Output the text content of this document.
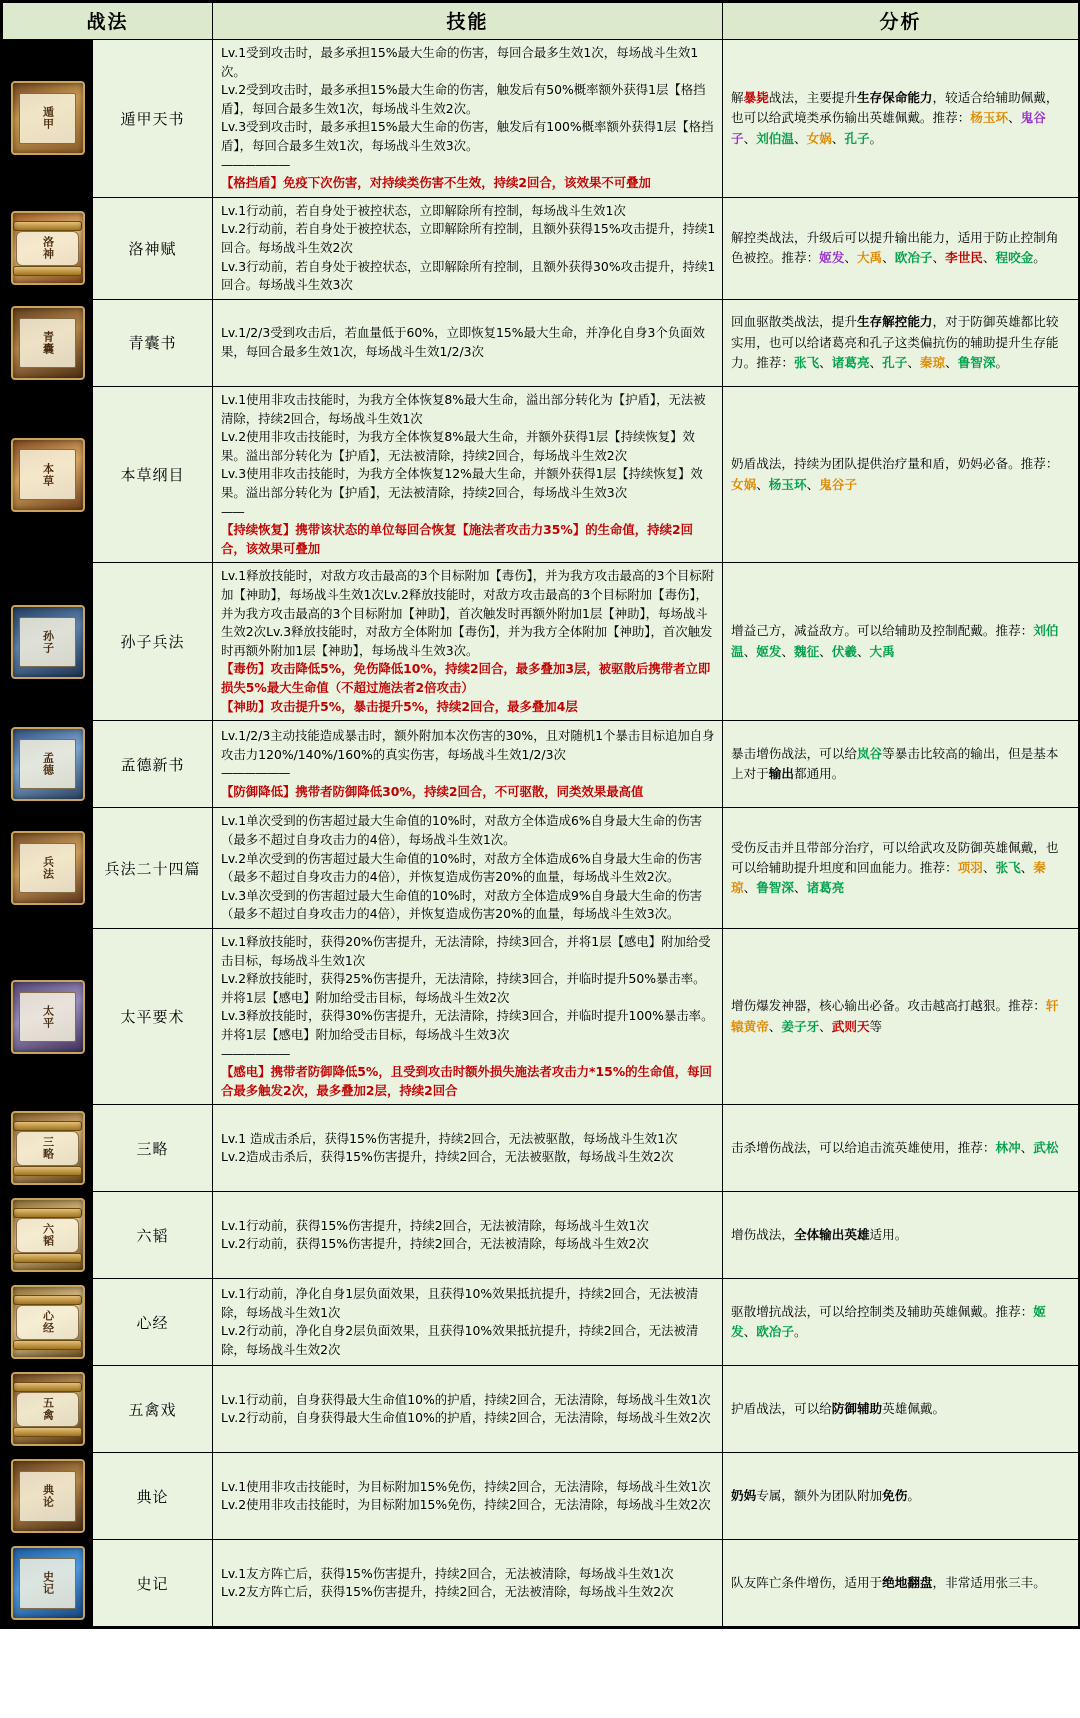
战法		技能	分析

遁甲	遁甲天书	Lv.1受到攻击时，最多承担15%最大生命的伤害，每回合最多生效1次，每场战斗生效1次。
Lv.2受到攻击时，最多承担15%最大生命的伤害，触发后有50%概率额外获得1层【格挡盾】，每回合最多生效1次，每场战斗生效2次。
Lv.3受到攻击时，最多承担15%最大生命的伤害，触发后有100%概率额外获得1层【格挡盾】，每回合最多生效1次，每场战斗生效3次。
——————
【格挡盾】免疫下次伤害，对持续类伤害不生效，持续2回合，该效果不可叠加	解暴毙战法，主要提升生存保命能力，较适合给辅助佩戴，也可以给武境类承伤输出英雄佩戴。推荐：杨玉环、鬼谷子、刘伯温、女娲、孔子。

洛神	洛神赋	Lv.1行动前，若自身处于被控状态，立即解除所有控制，每场战斗生效1次
Lv.2行动前，若自身处于被控状态，立即解除所有控制，且额外获得15%攻击提升，持续1回合。每场战斗生效2次
Lv.3行动前，若自身处于被控状态，立即解除所有控制，且额外获得30%攻击提升，持续1回合。每场战斗生效3次	解控类战法，升级后可以提升输出能力，适用于防止控制角色被控。推荐：姬发、大禹、欧冶子、李世民、程咬金。

青囊	青囊书	Lv.1/2/3受到攻击后，若血量低于60%，立即恢复15%最大生命，并净化自身3个负面效果，每回合最多生效1次，每场战斗生效1/2/3次	回血驱散类战法，提升生存解控能力，对于防御英雄都比较实用，也可以给诸葛亮和孔子这类偏抗伤的辅助提升生存能力。推荐：张飞、诸葛亮、孔子、秦琼、鲁智深。

本草	本草纲目	Lv.1使用非攻击技能时，为我方全体恢复8%最大生命，溢出部分转化为【护盾】，无法被清除，持续2回合，每场战斗生效1次
Lv.2使用非攻击技能时，为我方全体恢复8%最大生命，并额外获得1层【持续恢复】效果。溢出部分转化为【护盾】，无法被清除，持续2回合，每场战斗生效2次
Lv.3使用非攻击技能时，为我方全体恢复12%最大生命，并额外获得1层【持续恢复】效果。溢出部分转化为【护盾】，无法被清除，持续2回合，每场战斗生效3次
——
【持续恢复】携带该状态的单位每回合恢复【施法者攻击力35%】的生命值，持续2回合，该效果可叠加	奶盾战法，持续为团队提供治疗量和盾，奶妈必备。推荐：女娲、杨玉环、鬼谷子

孙子	孙子兵法	Lv.1释放技能时，对敌方攻击最高的3个目标附加【毒伤】，并为我方攻击最高的3个目标附加【神助】，每场战斗生效1次Lv.2释放技能时，对敌方攻击最高的3个目标附加【毒伤】，并为我方攻击最高的3个目标附加【神助】，首次触发时再额外附加1层【神助】，每场战斗生效2次Lv.3释放技能时，对敌方全体附加【毒伤】，并为我方全体附加【神助】，首次触发时再额外附加1层【神助】，每场战斗生效3次。
【毒伤】攻击降低5%，免伤降低10%，持续2回合，最多叠加3层，被驱散后携带者立即损失5%最大生命值（不超过施法者2倍攻击）
【神助】攻击提升5%，暴击提升5%，持续2回合，最多叠加4层	增益己方，减益敌方。可以给辅助及控制配戴。推荐：刘伯温、姬发、魏征、伏羲、大禹

孟德	孟德新书	Lv.1/2/3主动技能造成暴击时，额外附加本次伤害的30%，且对随机1个暴击目标追加自身攻击力120%/140%/160%的真实伤害，每场战斗生效1/2/3次
——————
【防御降低】携带者防御降低30%，持续2回合，不可驱散，同类效果最高值	暴击增伤战法，可以给岚谷等暴击比较高的输出，但是基本上对于输出都通用。

兵法	兵法二十四篇	Lv.1单次受到的伤害超过最大生命值的10%时，对敌方全体造成6%自身最大生命的伤害（最多不超过自身攻击力的4倍），每场战斗生效1次。
Lv.2单次受到的伤害超过最大生命值的10%时，对敌方全体造成6%自身最大生命的伤害（最多不超过自身攻击力的4倍），并恢复造成伤害20%的血量，每场战斗生效2次。
Lv.3单次受到的伤害超过最大生命值的10%时，对敌方全体造成9%自身最大生命的伤害（最多不超过自身攻击力的4倍），并恢复造成伤害20%的血量，每场战斗生效3次。	受伤反击并且带部分治疗，可以给武攻及防御英雄佩戴，也可以给辅助提升坦度和回血能力。推荐：项羽、张飞、秦琼、鲁智深、诸葛亮

太平	太平要术	Lv.1释放技能时，获得20%伤害提升，无法清除，持续3回合，并将1层【感电】附加给受击目标，每场战斗生效1次
Lv.2释放技能时，获得25%伤害提升，无法清除，持续3回合，并临时提升50%暴击率。并将1层【感电】附加给受击目标，每场战斗生效2次
Lv.3释放技能时，获得30%伤害提升，无法清除，持续3回合，并临时提升100%暴击率。并将1层【感电】附加给受击目标，每场战斗生效3次
——————
【感电】携带者防御降低5%，且受到攻击时额外损失施法者攻击力*15%的生命值，每回合最多触发2次，最多叠加2层，持续2回合	增伤爆发神器，核心输出必备。攻击越高打越狠。推荐：轩辕黄帝、姜子牙、武则天等

三略	三略	Lv.1 造成击杀后，获得15%伤害提升，持续2回合，无法被驱散，每场战斗生效1次
Lv.2造成击杀后，获得15%伤害提升，持续2回合，无法被驱散，每场战斗生效2次	击杀增伤战法，可以给追击流英雄使用，推荐：林冲、武松

六韬	六韬	Lv.1行动前，获得15%伤害提升，持续2回合，无法被清除，每场战斗生效1次
Lv.2行动前，获得15%伤害提升，持续2回合，无法被清除，每场战斗生效2次	增伤战法，全体输出英雄适用。

心经	心经	Lv.1行动前，净化自身1层负面效果，且获得10%效果抵抗提升，持续2回合，无法被清除，每场战斗生效1次
Lv.2行动前，净化自身2层负面效果，且获得10%效果抵抗提升，持续2回合，无法被清除，每场战斗生效2次	驱散增抗战法，可以给控制类及辅助英雄佩戴。推荐：姬发、欧冶子。

五禽	五禽戏	Lv.1行动前，自身获得最大生命值10%的护盾，持续2回合，无法清除，每场战斗生效1次
Lv.2行动前，自身获得最大生命值10%的护盾，持续2回合，无法清除，每场战斗生效2次	护盾战法，可以给防御辅助英雄佩戴。

典论	典论	Lv.1使用非攻击技能时，为目标附加15%免伤，持续2回合，无法清除，每场战斗生效1次
Lv.2使用非攻击技能时，为目标附加15%免伤，持续2回合，无法清除，每场战斗生效2次	奶妈专属，额外为团队附加免伤。

史记	史记	Lv.1友方阵亡后，获得15%伤害提升，持续2回合，无法被清除，每场战斗生效1次
Lv.2友方阵亡后，获得15%伤害提升，持续2回合，无法被清除，每场战斗生效2次	队友阵亡条件增伤，适用于绝地翻盘，非常适用张三丰。
